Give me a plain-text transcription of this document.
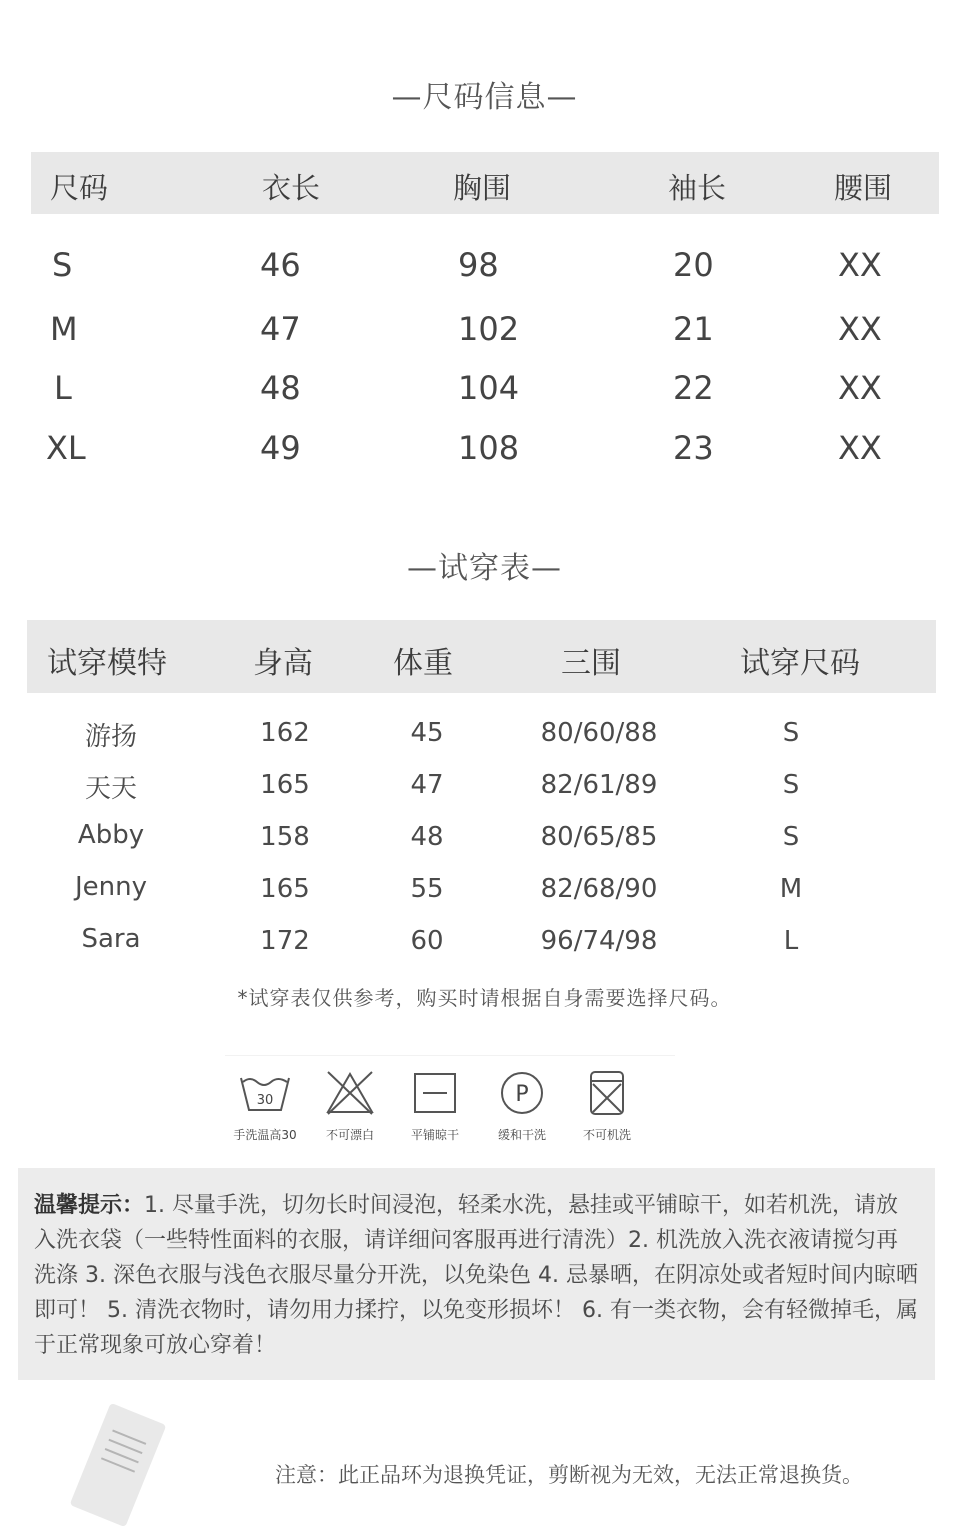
—尺码信息—
尺码	衣长	胸围	袖长	腰围
S	46	98	20	XX
M	47	102	21	XX
L	48	104	22	XX
XL	49	108	23	XX
—试穿表—
试穿模特	身高	体重	三围	试穿尺码
游扬	162	45	80/60/88	S
天天	165	47	82/61/89	S
Abby	158	48	80/65/85	S
Jenny	165	55	82/68/90	M
Sara	172	60	96/74/98	L
*试穿表仅供参考，购买时请根据自身需要选择尺码。
30
手洗温高30	不可漂白	平铺晾干
P
缓和干洗	不可机洗
温馨提示：1. 尽量手洗，切勿长时间浸泡，轻柔水洗，悬挂或平铺晾干，如若机洗，请放入洗衣袋（一些特性面料的衣服，请详细问客服再进行清洗）2. 机洗放入洗衣液请搅匀再洗涤 3. 深色衣服与浅色衣服尽量分开洗，以免染色 4. 忌暴晒，在阴凉处或者短时间内晾晒即可！ 5. 清洗衣物时，请勿用力揉拧，以免变形损坏！ 6. 有一类衣物，会有轻微掉毛，属于正常现象可放心穿着！
注意：此正品环为退换凭证，剪断视为无效，无法正常退换货。
